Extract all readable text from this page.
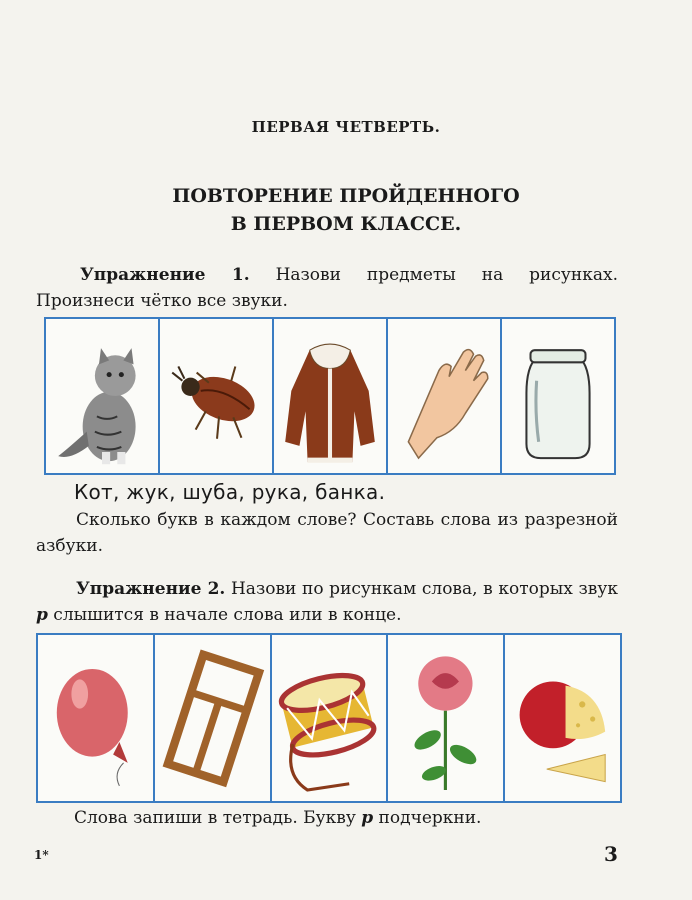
ПЕРВАЯ ЧЕТВЕРТЬ.
ПОВТОРЕНИЕ ПРОЙДЕННОГО
В ПЕРВОМ КЛАССЕ.
Упражнение 1. Назови предметы на рисунках. Произнеси чётко все звуки.
Кот, жук, шуба, рука, банка.
Сколько букв в каждом слове? Составь слова из разрезной азбуки.
Упражнение 2. Назови по рисункам слова, в которых звук р слышится в начале слова или в конце.
Слова запиши в тетрадь. Букву р подчеркни.
1*	3
